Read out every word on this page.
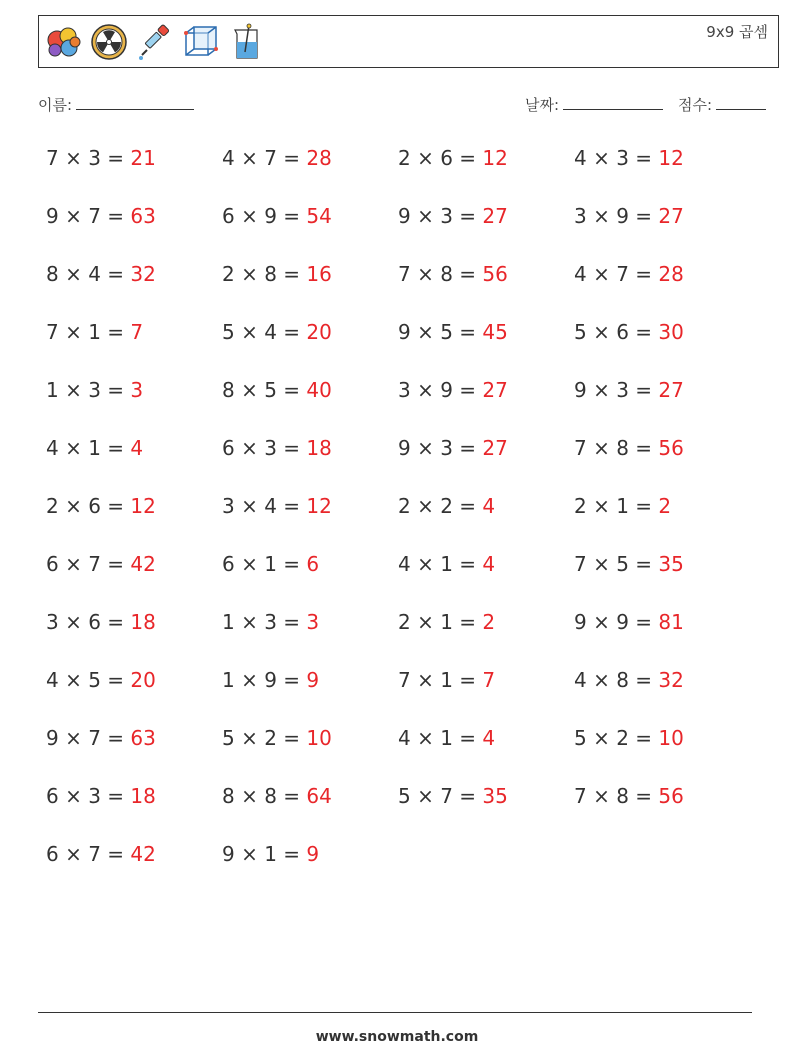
9x9 곱셈
이름:	날짜:	점수:
7 × 3 = 21	4 × 7 = 28	2 × 6 = 12	4 × 3 = 12
9 × 7 = 63	6 × 9 = 54	9 × 3 = 27	3 × 9 = 27
8 × 4 = 32	2 × 8 = 16	7 × 8 = 56	4 × 7 = 28
7 × 1 = 7	5 × 4 = 20	9 × 5 = 45	5 × 6 = 30
1 × 3 = 3	8 × 5 = 40	3 × 9 = 27	9 × 3 = 27
4 × 1 = 4	6 × 3 = 18	9 × 3 = 27	7 × 8 = 56
2 × 6 = 12	3 × 4 = 12	2 × 2 = 4	2 × 1 = 2
6 × 7 = 42	6 × 1 = 6	4 × 1 = 4	7 × 5 = 35
3 × 6 = 18	1 × 3 = 3	2 × 1 = 2	9 × 9 = 81
4 × 5 = 20	1 × 9 = 9	7 × 1 = 7	4 × 8 = 32
9 × 7 = 63	5 × 2 = 10	4 × 1 = 4	5 × 2 = 10
6 × 3 = 18	8 × 8 = 64	5 × 7 = 35	7 × 8 = 56
6 × 7 = 42	9 × 1 = 9
www.snowmath.com
